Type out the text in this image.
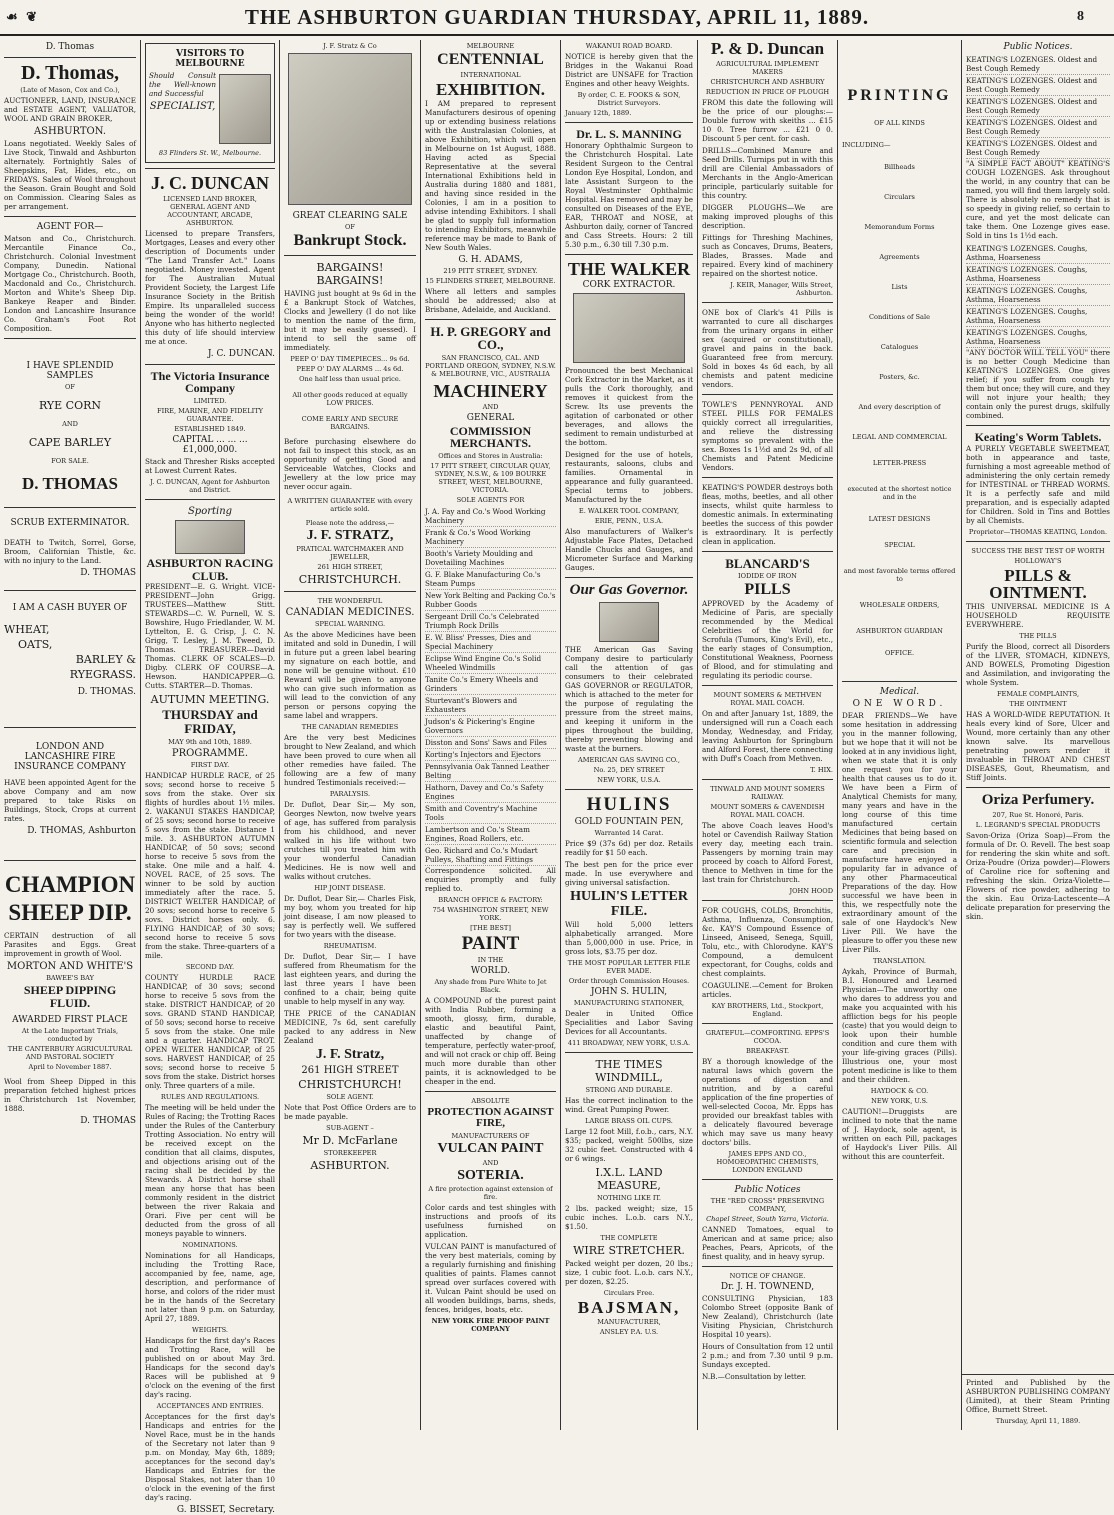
☙ ❦	THE ASHBURTON GUARDIAN THURSDAY, APRIL 11, 1889.	8
D. Thomas
D. Thomas,
(Late of Mason, Cox and Co.),

AUCTIONEER, LAND, INSURANCE and ESTATE AGENT, VALUATOR, WOOL AND GRAIN BROKER,

ASHBURTON.

Loans negotiated. Weekly Sales of Live Stock, Tinwald and Ashburton alternately. Fortnightly Sales of Sheepskins, Fat, Hides, etc., on FRIDAYS. Sales of Wool throughout the Season. Grain Bought and Sold on Commission. Clearing Sales as per arrangement.

AGENT FOR—

Matson and Co., Christchurch. Mercantile Finance Co., Christchurch. Colonial Investment Company, Dunedin. National Mortgage Co., Christchurch. Booth, Macdonald and Co., Christchurch. Morton and White's Sheep Dip. Bankeye Reaper and Binder. London and Lancashire Insurance Co. Graham's Foot Rot Composition.

I HAVE SPLENDID SAMPLES
OF
RYE CORN
AND
CAPE BARLEY
FOR SALE.
D. THOMAS
SCRUB EXTERMINATOR.

DEATH to Twitch, Sorrel, Gorse, Broom, Californian Thistle, &c. with no injury to the Land.

D. THOMAS
I AM A CASH BUYER OF
WHEAT,
OATS,
BARLEY &
RYEGRASS.
D. THOMAS.
LONDON AND LANCASHIRE FIRE INSURANCE COMPANY

HAVE been appointed Agent for the above Company and am now prepared to take Risks on Buildings, Stock, Crops at current rates.

D. THOMAS, Ashburton
CHAMPION
SHEEP DIP.

CERTAIN destruction of all Parasites and Eggs. Great improvement in growth of Wool.

MORTON AND WHITE'S
BAWEE'S BAY
SHEEP DIPPING FLUID.
AWARDED FIRST PLACE
At the Late Important Trials, conducted by
THE CANTERBURY AGRICULTURAL AND PASTORAL SOCIETY
April to November 1887.

Wool from Sheep Dipped in this preparation fetched highest prices in Christchurch 1st November, 1888.

D. THOMAS
VISITORS TO MELBOURNE

Should Consult the Well-known and Successful

SPECIALIST,
83 Flinders St. W., Melbourne.
J. C. DUNCAN
LICENSED LAND BROKER, GENERAL AGENT AND ACCOUNTANT, ARCADE, ASHBURTON.

Licensed to prepare Transfers, Mortgages, Leases and every other description of Documents under "The Land Transfer Act." Loans negotiated. Money invested. Agent for The Australian Mutual Provident Society, the Largest Life Insurance Society in the British Empire. Its unparalleled success being the wonder of the world! Anyone who has hitherto neglected this duty of life should interview me at once.

J. C. DUNCAN.
The Victoria Insurance Company
LIMITED.
FIRE, MARINE, AND FIDELITY GUARANTEE.
ESTABLISHED 1849.
CAPITAL ... ... ... £1,000,000.

Stack and Thresher Risks accepted at Lowest Current Rates.

J. C. DUNCAN, Agent for Ashburton and District.
Sporting
ASHBURTON RACING CLUB.

PRESIDENT—E. G. Wright. VICE-PRESIDENT—John Grigg. TRUSTEES—Matthew Stitt. STEWARDS—C. W. Purnell, W. S. Bowshire, Hugo Friedlander, W. M. Lyttelton, E. G. Crisp, J. C. N. Grigg, T. Lesley, J. M. Tweed, D. Thomas. TREASURER—David Thomas. CLERK OF SCALES—D. Digby. CLERK OF COURSE—A. Hewson. HANDICAPPER—G. Cutts. STARTER—D. Thomas.

AUTUMN MEETING.
THURSDAY and FRIDAY,
MAY 9th and 10th, 1889.
PROGRAMME.
FIRST DAY.

HANDICAP HURDLE RACE, of 25 sovs; second horse to receive 5 sovs from the stake. Over six flights of hurdles about 1½ miles. 2. WAKANUI STAKES HANDICAP, of 25 sovs; second horse to receive 5 sovs from the stake. Distance 1 mile. 3. ASHBURTON AUTUMN HANDICAP, of 50 sovs; second horse to receive 5 sovs from the stake. One mile and a half. 4. NOVEL RACE, of 25 sovs. The winner to be sold by auction immediately after the race. 5. DISTRICT WELTER HANDICAP, of 20 sovs; second horse to receive 5 sovs. District horses only. 6. FLYING HANDICAP, of 30 sovs; second horse to receive 5 sovs from the stake. Three-quarters of a mile.

SECOND DAY.

COUNTY HURDLE RACE HANDICAP, of 30 sovs; second horse to receive 5 sovs from the stake. DISTRICT HANDICAP, of 20 sovs. GRAND STAND HANDICAP, of 50 sovs; second horse to receive 5 sovs from the stake. One mile and a quarter. HANDICAP TROT. OPEN WELTER HANDICAP, of 25 sovs. HARVEST HANDICAP, of 25 sovs; second horse to receive 5 sovs from the stake. District horses only. Three quarters of a mile.

RULES AND REGULATIONS.

The meeting will be held under the Rules of Racing; the Trotting Races under the Rules of the Canterbury Trotting Association. No entry will be received except on the condition that all claims, disputes, and objections arising out of the racing shall be decided by the Stewards. A District horse shall mean any horse that has been commonly resident in the district between the river Rakaia and Orari. Five per cent will be deducted from the gross of all moneys payable to winners.

NOMINATIONS.

Nominations for all Handicaps, including the Trotting Race, accompanied by fee, name, age, description, and performance of horse, and colors of the rider must be in the hands of the Secretary not later than 9 p.m. on Saturday, April 27, 1889.

WEIGHTS.

Handicaps for the first day's Races and Trotting Race, will be published on or about May 3rd. Handicaps for the second day's Races will be published at 9 o'clock on the evening of the first day's racing.

ACCEPTANCES AND ENTRIES.

Acceptances for the first day's Handicaps and entries for the Novel Race, must be in the hands of the Secretary not later than 9 p.m. on Monday, May 6th, 1889; acceptances for the second day's Handicaps and Entries for the Disposal Stakes, not later than 10 o'clock in the evening of the first day's racing.

G. BISSET, Secretary.
J. F. Stratz & Co
GREAT CLEARING SALE
OF
Bankrupt Stock.
BARGAINS! BARGAINS!

HAVING just bought at 9s 6d in the £ a Bankrupt Stock of Watches, Clocks and Jewellery (I do not like to mention the name of the firm, but it may be easily guessed). I intend to sell the same off immediately.

PEEP O' DAY TIMEPIECES... 9s 6d.
PEEP O' DAY ALARMS ... 4s 6d.
One half less than usual price.
All other goods reduced at equally LOW PRICES.
COME EARLY AND SECURE BARGAINS.

Before purchasing elsewhere do not fail to inspect this stock, as an opportunity of getting Good and Serviceable Watches, Clocks and Jewellery at the low price may never occur again.

A WRITTEN GUARANTEE with every article sold.
Please note the address,—
J. F. STRATZ,
PRATICAL WATCHMAKER AND JEWELLER,
261 HIGH STREET,
CHRISTCHURCH.
THE WONDERFUL
CANADIAN MEDICINES.
SPECIAL WARNING.

As the above Medicines have been imitated and sold in Dunedin, I will in future put a green label bearing my signature on each bottle, and none will be genuine without. £10 Reward will be given to anyone who can give such information as will lead to the conviction of any person or persons copying the same label and wrappers.

THE CANADIAN REMEDIES

Are the very best Medicines brought to New Zealand, and which have been proved to cure when all other remedies have failed. The following are a few of many hundred Testimonials received:—

PARALYSIS.

Dr. Duflot, Dear Sir,— My son, Georges Newton, now twelve years of age, has suffered from paralysis from his childhood, and never walked in his life without two crutches till you treated him with your wonderful Canadian Medicines. He is now well and walks without crutches.

HIP JOINT DISEASE.

Dr. Duflot, Dear Sir,— Charles Fisk, my boy, whom you treated for hip joint disease, I am now pleased to say is perfectly well. We suffered for two years with the disease.

RHEUMATISM.

Dr. Duflot, Dear Sir,— I have suffered from Rheumatism for the last eighteen years, and during the last three years I have been confined to a chair, being quite unable to help myself in any way.

THE PRICE of the CANADIAN MEDICINE, 7s 6d, sent carefully packed to any address in New Zealand

J. F. Stratz,
261 HIGH STREET
CHRISTCHURCH!
SOLE AGENT.

Note that Post Office Orders are to be made payable.

SUB-AGENT –
Mr D. McFarlane
STOREKEEPER
ASHBURTON.
MELBOURNE
CENTENNIAL
INTERNATIONAL
EXHIBITION.

I AM prepared to represent Manufacturers desirous of opening up or extending business relations with the Australasian Colonies, at above Exhibition, which will open in Melbourne on 1st August, 1888. Having acted as Special Representative at the several International Exhibitions held in Australia during 1880 and 1881, and having since resided in the Colonies, I am in a position to advise intending Exhibitors. I shall be glad to supply full information to intending Exhibitors, meanwhile reference may be made to Bank of New South Wales.

G. H. ADAMS,
219 PITT STREET, SYDNEY.
15 FLINDERS STREET, MELBOURNE.

Where all letters and samples should be addressed; also at Brisbane, Adelaide, and Auckland.

H. P. GREGORY and CO.,
SAN FRANCISCO, CAL. AND PORTLAND OREGON, SYDNEY, N.S.W. & MELBOURNE, VIC., AUSTRALIA
MACHINERY
AND
GENERAL
COMMISSION MERCHANTS.
Offices and Stores in Australia:
17 PITT STREET, CIRCULAR QUAY, SYDNEY, N.S.W., & 109 BOURKE STREET, WEST, MELBOURNE, VICTORIA.
SOLE AGENTS FOR
J. A. Fay and Co.'s Wood Working Machinery
Frank & Co.'s Wood Working Machinery
Booth's Variety Moulding and Dovetailing Machines
G. F. Blake Manufacturing Co.'s Steam Pumps
New York Belting and Packing Co.'s Rubber Goods
Sergeant Drill Co.'s Celebrated Triumph Rock Drills
E. W. Bliss' Presses, Dies and Special Machinery
Eclipse Wind Engine Co.'s Solid Wheeled Windmills
Tanite Co.'s Emery Wheels and Grinders
Sturtevant's Blowers and Exhausters
Judson's & Pickering's Engine Governors
Disston and Sons' Saws and Files
Korting's Injectors and Ejectors
Pennsylvania Oak Tanned Leather Belting
Hathorn, Davey and Co.'s Safety Engines
Smith and Coventry's Machine Tools
Lambertson and Co.'s Steam Engines, Road Rollers, etc.
Geo. Richard and Co.'s Mudart Pulleys, Shafting and Fittings

Correspondence solicited. All enquiries promptly and fully replied to.

BRANCH OFFICE & FACTORY:
754 WASHINGTON STREET, NEW YORK.
[THE BEST]
PAINT
IN THE
WORLD.
Any shade from Pure White to Jet Black.

A COMPOUND of the purest paint with India Rubber, forming a smooth, glossy, firm, durable, elastic and beautiful Paint, unaffected by change of temperature, perfectly water-proof, and will not crack or chip off. Being much more durable than other paints, it is acknowledged to be cheaper in the end.

ABSOLUTE
PROTECTION AGAINST FIRE,
MANUFACTURERS OF
VULCAN PAINT
AND
SOTERIA.
A fire protection against extension of fire.

Color cards and test shingles with instructions and proofs of its usefulness furnished on application.

VULCAN PAINT is manufactured of the very best materials, coming by a regularly furnishing and finishing qualities of paints. Flames cannot spread over surfaces covered with it. Vulcan Paint should be used on all wooden buildings, barns, sheds, fences, bridges, boats, etc.

NEW YORK FIRE PROOF PAINT COMPANY
WAKANUI ROAD BOARD.

NOTICE is hereby given that the Bridges in the Wakanui Road District are UNSAFE for Traction Engines and other heavy Weights.

By order, C. E. FOOKS & SON, District Surveyors.
January 12th, 1889.
Dr. L. S. MANNING

Honorary Ophthalmic Surgeon to the Christchurch Hospital. Late Resident Surgeon to the Central London Eye Hospital, London, and late Assistant Surgeon to the Royal Westminster Ophthalmic Hospital. Has removed and may be consulted on Diseases of the EYE, EAR, THROAT and NOSE, at Ashburton daily, corner of Tancred and Cass Streets. Hours: 2 till 5.30 p.m., 6.30 till 7.30 p.m.

THE WALKER
CORK EXTRACTOR.

Pronounced the best Mechanical Cork Extractor in the Market, as it pulls the Cork thoroughly, and removes it quickest from the Screw. Its use prevents the agitation of carbonated or other beverages, and allows the sediment to remain undisturbed at the bottom.

Designed for the use of hotels, restaurants, saloons, clubs and families. Ornamental in appearance and fully guaranteed. Special terms to jobbers. Manufactured by the

E. WALKER TOOL COMPANY,
ERIE, PENN., U.S.A.

Also manufacturers of Walker's Adjustable Face Plates, Detached Handle Chucks and Gauges, and Micrometer Surface and Marking Gauges.

Our Gas Governor.

THE American Gas Saving Company desire to particularly call the attention of gas consumers to their celebrated GAS GOVERNOR or REGULATOR, which is attached to the meter for the purpose of regulating the pressure from the street mains, and keeping it uniform in the pipes throughout the building, thereby preventing blowing and waste at the burners.

AMERICAN GAS SAVING CO.,
No. 25, DEY STREET
NEW YORK, U.S.A.
HULINS
GOLD FOUNTAIN PEN,
Warranted 14 Carat.

Price $9 (37s 6d) per doz. Retails readily for $1 50 each.

The best pen for the price ever made. In use everywhere and giving universal satisfaction.

HULIN'S LETTER FILE.

Will hold 5,000 letters alphabetically arranged. More than 5,000,000 in use. Price, in gross lots, $3.75 per doz.

THE MOST POPULAR LETTER FILE EVER MADE.
Order through Commission Houses.
JOHN S. HULIN,
MANUFACTURING STATIONER,

Dealer in United Office Specialities and Labor Saving Devices for all Accountants.

411 BROADWAY, NEW YORK, U.S.A.
THE TIMES WINDMILL,
STRONG AND DURABLE.

Has the correct inclination to the wind. Great Pumping Power.

LARGE BRASS OIL CUPS.

Large 12 foot Mill, f.o.b., cars, N.Y. $35; packed, weight 500lbs, size 32 cubic feet. Constructed with 4 or 6 wings.

I.X.L. LAND MEASURE,
NOTHING LIKE IT.

2 lbs. packed weight; size, 15 cubic inches. L.o.b. cars N.Y., $1.50.

THE COMPLETE
WIRE STRETCHER.

Packed weight per dozen, 20 lbs.; size, 1 cubic foot. L.o.b. cars N.Y., per dozen, $2.25.

Circulars Free.
BAJSMAN,
MANUFACTURER,
ANSLEY P.A. U.S.
P. & D. Duncan
AGRICULTURAL IMPLEMENT MAKERS
CHRISTCHURCH AND ASHBURY
REDUCTION IN PRICE OF PLOUGH

FROM this date the following will be the price of our ploughs:— Double furrow with skeiths ... £15 10 0. Tree furrow ... £21 0 0. Discount 5 per cent. for cash.

DRILLS—Combined Manure and Seed Drills. Turnips put in with this drill are Cilenial Ambassadors of Merchants in the Anglo-American principle, particularly suitable for this country.

DIGGER PLOUGHS—We are making improved ploughs of this description.

Fittings for Threshing Machines, such as Concaves, Drums, Beaters, Blades, Brasses. Made and repaired. Every kind of machinery repaired on the shortest notice.

J. KEIR, Manager, Wills Street, Ashburton.

ONE box of Clark's 41 Pills is warranted to cure all discharges from the urinary organs in either sex (acquired or constitutional), gravel and pains in the back. Guaranteed free from mercury. Sold in boxes 4s 6d each, by all chemists and patent medicine vendors.

TOWLE'S PENNYROYAL AND STEEL PILLS FOR FEMALES quickly correct all irregularities, and relieve the distressing symptoms so prevalent with the sex. Boxes 1s 1½d and 2s 9d, of all Chemists and Patent Medicine Vendors.

KEATING'S POWDER destroys both fleas, moths, beetles, and all other insects, whilst quite harmless to domestic animals. In exterminating beetles the success of this powder is extraordinary. It is perfectly clean in application.

BLANCARD'S
IODIDE OF IRON
PILLS

APPROVED by the Academy of Medicine of Paris, are specially recommended by the Medical Celebrities of the World for Scrofula (Tumors, King's Evil), etc., the early stages of Consumption, Constitutional Weakness, Poorness of Blood, and for stimulating and regulating its periodic course.

MOUNT SOMERS & METHVEN ROYAL MAIL COACH.

On and after January 1st, 1889, the undersigned will run a Coach each Monday, Wednesday, and Friday, leaving Ashburton for Springburn and Alford Forest, there connecting with Duff's Coach from Methven.

T. HIX.
TINWALD AND MOUNT SOMERS RAILWAY.
MOUNT SOMERS & CAVENDISH ROYAL MAIL COACH.

The above Coach leaves Hood's hotel or Cavendish Railway Station every day, meeting each train. Passengers by morning train may proceed by coach to Alford Forest, thence to Methven in time for the last train for Christchurch.

JOHN HOOD

FOR COUGHS, COLDS, Bronchitis, Asthma, Influenza, Consumption, &c. KAY'S Compound Essence of Linseed, Aniseed, Senega, Squill, Tolu, etc., with Chlorodyne. KAY'S Compound, a demulcent expectorant, for Coughs, colds and chest complaints.

COAGULINE.—Cement for Broken articles.

KAY BROTHERS, Ltd., Stockport, England.
GRATEFUL—COMFORTING. EPPS'S COCOA.
BREAKFAST.

BY a thorough knowledge of the natural laws which govern the operations of digestion and nutrition, and by a careful application of the fine properties of well-selected Cocoa, Mr. Epps has provided our breakfast tables with a delicately flavoured beverage which may save us many heavy doctors' bills.

JAMES EPPS AND CO., HOMOEOPATHIC CHEMISTS, LONDON ENGLAND
Public Notices
THE "RED CROSS" PRESERVING COMPANY,
Chapel Street, South Yarra, Victoria.

CANNED Tomatoes, equal to American and at same price; also Peaches, Pears, Apricots, of the finest quality, and in heavy syrup.

NOTICE OF CHANGE.
Dr. J. H. TOWNEND,

CONSULTING Physician, 183 Colombo Street (opposite Bank of New Zealand), Christchurch (late Visiting Physician, Christchurch Hospital 10 years).

Hours of Consultation from 12 until 2 p.m.; and from 7.30 until 9 p.m. Sundays excepted.

N.B.—Consultation by letter.

PRINTING
OF ALL KINDS
INCLUDING—
Billheads
Circulars
Memorandum Forms
Agreements
Lists
Conditions of Sale
Catalogues
Posters, &c.
And every description of
LEGAL AND COMMERCIAL
LETTER-PRESS
executed at the shortest notice and in the
LATEST DESIGNS
SPECIAL
and most favorable terms offered to
WHOLESALE ORDERS,
ASHBURTON GUARDIAN
OFFICE.
Medical.
ONE WORD.

DEAR FRIENDS—We have some hesitation in addressing you in the manner following, but we hope that it will not be looked at in any invidious light, when we state that it is only one request you for your health that causes us to do it. We have been a Firm of Analytical Chemists for many, many years and have in the long course of this time manufactured certain Medicines that being based on scientific formula and selection care and precision in manufacture have enjoyed a popularity far in advance of any other Pharmaceutical Preparations of the day. How successful we have been in this, we respectfully note the extraordinary amount of the sale of one Haydock's New Liver Pill. We have the pleasure to offer you these new Liver Pills.

TRANSLATION.

Aykah, Province of Burmah, B.I. Honoured and Learned Physician—The unworthy one who dares to address you and make you acquainted with his affliction begs for his people (caste) that you would deign to look upon their humble condition and cure them with your life-giving graces (Pills). Illustrious one, your most potent medicine is like to them and their children.

HAYDOCK & CO.
NEW YORK, U.S.

CAUTION!—Druggists are inclined to note that the name of J. Haydock, sole agent, is written on each Pill, packages of Haydock's Liver Pills. All without this are counterfeit.

Public Notices.
KEATING'S LOZENGES. Oldest and Best Cough Remedy
KEATING'S LOZENGES. Oldest and Best Cough Remedy
KEATING'S LOZENGES. Oldest and Best Cough Remedy
KEATING'S LOZENGES. Oldest and Best Cough Remedy
KEATING'S LOZENGES. Oldest and Best Cough Remedy

"A SIMPLE FACT ABOUT" KEATING'S COUGH LOZENGES. Ask throughout the world, in any country that can be named, you will find them largely sold. There is absolutely no remedy that is so speedy in giving relief, so certain to cure, and yet the most delicate can take them. One Lozenge gives ease. Sold in tins 1s 1½d each.

KEATING'S LOZENGES. Coughs, Asthma, Hoarseness
KEATING'S LOZENGES. Coughs, Asthma, Hoarseness
KEATING'S LOZENGES. Coughs, Asthma, Hoarseness
KEATING'S LOZENGES. Coughs, Asthma, Hoarseness
KEATING'S LOZENGES. Coughs, Asthma, Hoarseness

"ANY DOCTOR WILL TELL YOU" there is no better Cough Medicine than KEATING'S LOZENGES. One gives relief; if you suffer from cough try them but once; they will cure, and they will not injure your health; they contain only the purest drugs, skilfully combined.

Keating's Worm Tablets.

A PURELY VEGETABLE SWEETMEAT, both in appearance and taste, furnishing a most agreeable method of administering the only certain remedy for INTESTINAL or THREAD WORMS. It is a perfectly safe and mild preparation, and is especially adapted for Children. Sold in Tins and Bottles by all Chemists.

Proprietor—THOMAS KEATING, London.
SUCCESS THE BEST TEST OF WORTH
HOLLOWAY'S
PILLS & OINTMENT.

THIS UNIVERSAL MEDICINE IS A HOUSEHOLD REQUISITE EVERYWHERE.

THE PILLS

Purify the Blood, correct all Disorders of the LIVER, STOMACH, KIDNEYS, AND BOWELS, Promoting Digestion and Assimilation, and invigorating the whole System.

FEMALE COMPLAINTS,
THE OINTMENT

HAS A WORLD-WIDE REPUTATION. It heals every kind of Sore, Ulcer and Wound, more certainly than any other known salve. Its marvellous penetrating powers render it invaluable in THROAT AND CHEST DISEASES, Gout, Rheumatism, and Stiff Joints.

Oriza Perfumery.
207, Rue St. Honoré, Paris.
L. LEGRAND'S SPECIAL PRODUCTS

Savon-Oriza (Oriza Soap)—From the formula of Dr. O. Revell. The best soap for rendering the skin white and soft. Oriza-Poudre (Oriza powder)—Flowers of Caroline rice for softening and refreshing the skin. Oriza-Violette—Flowers of rice powder, adhering to the skin. Eau Oriza-Lactescente—A delicate preparation for preserving the skin.

Printed and Published by the ASHBURTON PUBLISHING COMPANY (Limited), at their Steam Printing Office, Burnett Street.

Thursday, April 11, 1889.
